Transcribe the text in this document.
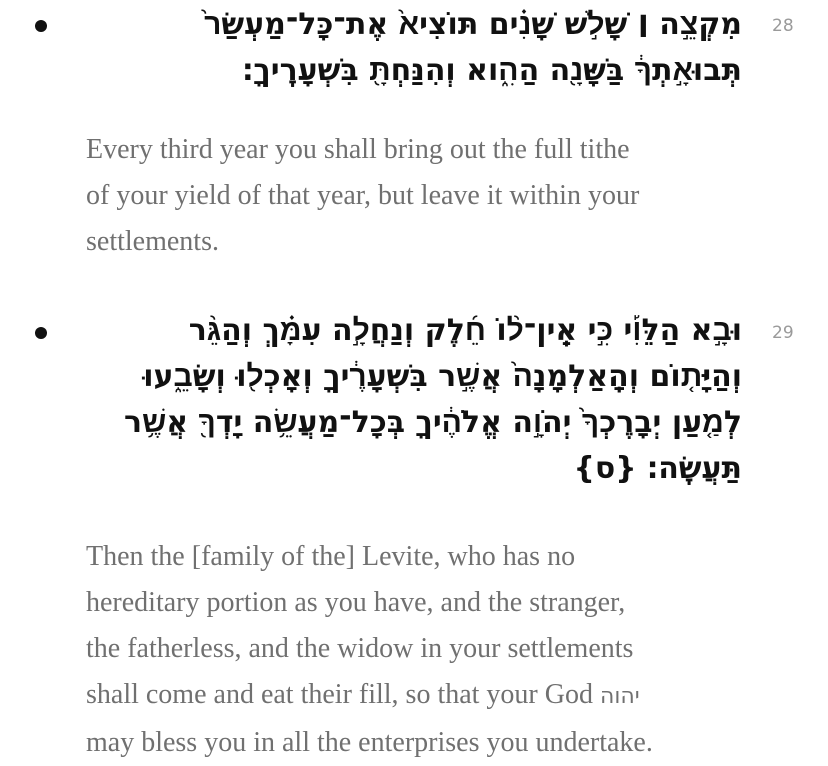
מִקְצֵ֣ה ׀ שָׁלֹ֣שׁ שָׁנִ֗ים תּוֹצִיא֙ אֶת־כָּל־מַעְשַׂר֙
תְּבוּאָ֣תְךָ֔ בַּשָּׁנָ֖ה הַהִ֑וא וְהִנַּחְתָּ֖ בִּשְׁעָרֶֽיךָ׃
28
Every third year you shall bring out the full tithe
of your yield of that year, but leave it within your
settlements.
וּבָ֣א הַלֵּוִ֡י כִּ֣י אֵֽין־ל֨וֹ חֵ֜לֶק וְנַחֲלָ֣ה עִמָּ֗ךְ וְהַגֵּ֨ר
וְהַיָּת֤וֹם וְהָֽאַלְמָנָה֙ אֲשֶׁ֣ר בִּשְׁעָרֶ֔יךָ וְאָכְל֖וּ וְשָׂבֵ֑עוּ
לְמַ֤עַן יְבָרֶכְךָ֙ יְהֹוָ֣ה אֱלֹהֶ֔יךָ בְּכָל־מַעֲשֵׂ֥ה יָדְךָ֖ אֲשֶׁ֥ר
תַּעֲשֶֽׂה׃ {ס}
29
Then the [family of the] Levite, who has no
hereditary portion as you have, and the stranger,
the fatherless, and the widow in your settlements
shall come and eat their fill, so that your God יהוה
may bless you in all the enterprises you undertake.
